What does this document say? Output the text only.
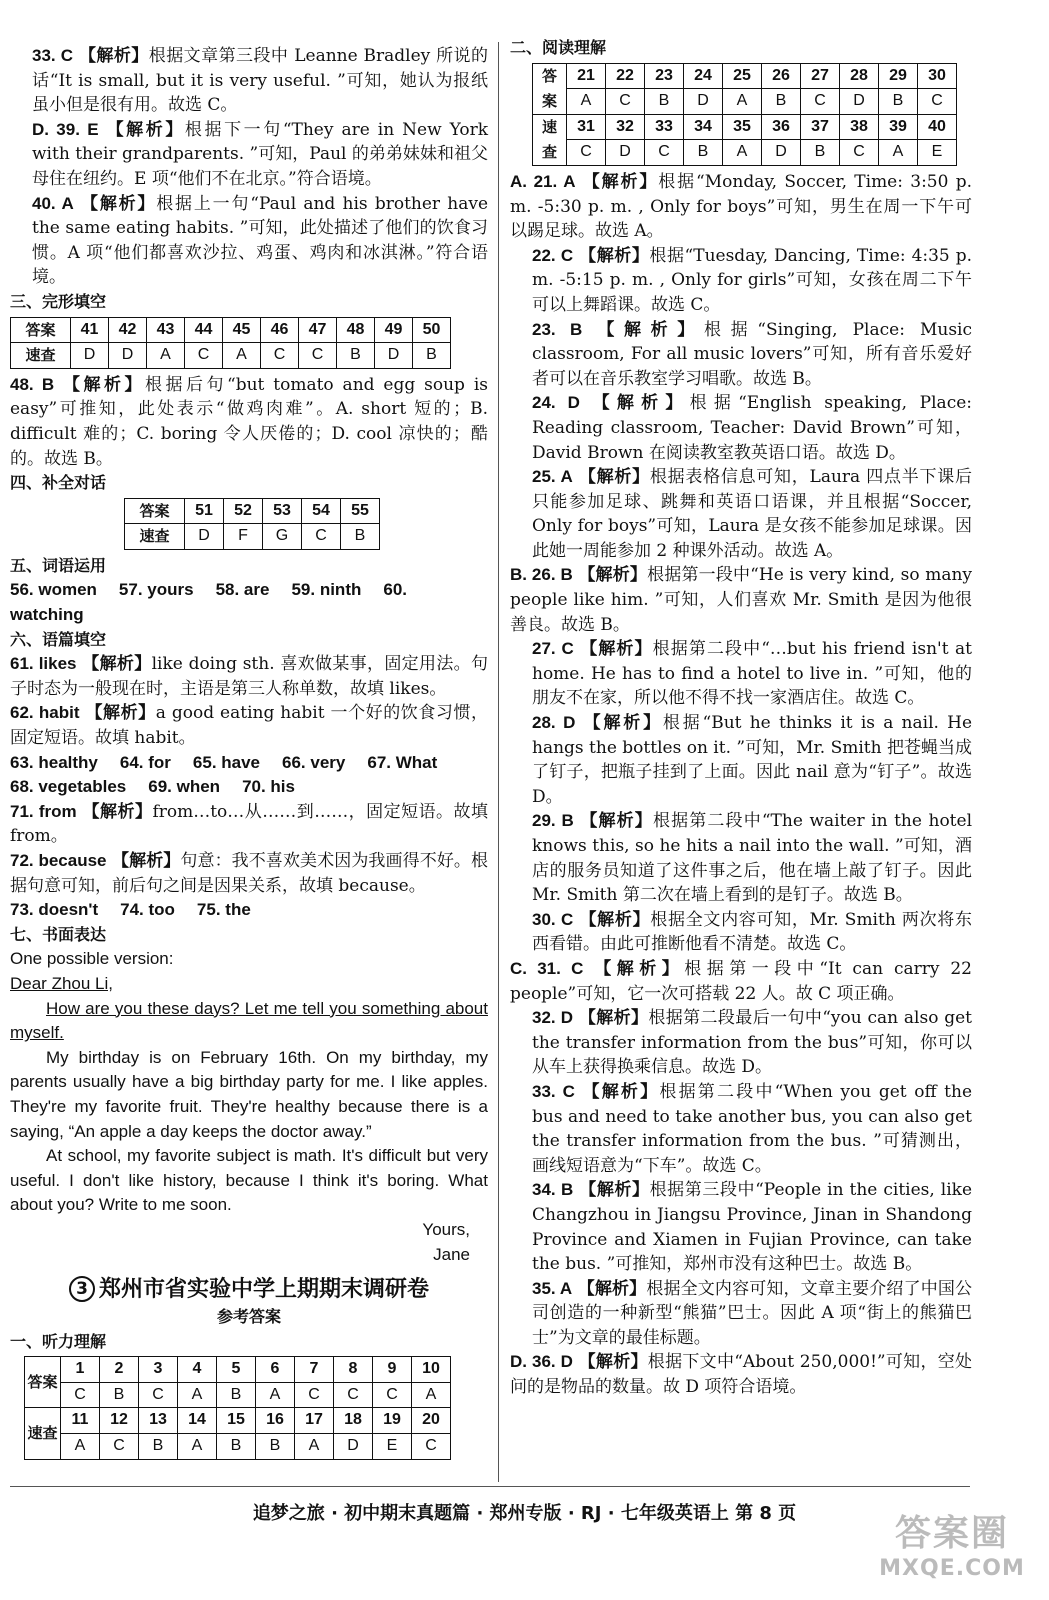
33. C 【解析】根据文章第三段中 Leanne Bradley 所说的话“It is small, but it is very useful. ”可知，她认为报纸虽小但是很有用。故选 C。
D. 39. E 【解析】根据下一句“They are in New York with their grandparents. ”可知，Paul 的弟弟妹妹和祖父母住在纽约。E 项“他们不在北京。”符合语境。
40. A 【解析】根据上一句“Paul and his brother have the same eating habits. ”可知，此处描述了他们的饮食习惯。A 项“他们都喜欢沙拉、鸡蛋、鸡肉和冰淇淋。”符合语境。
三、完形填空
答案	41	42	43	44	45	46	47	48	49	50
速查	D	D	A	C	A	C	C	B	D	B
48. B 【解析】根据后句“but tomato and egg soup is easy”可推知，此处表示“做鸡肉难”。A. short 短的；B. difficult 难的；C. boring 令人厌倦的；D. cool 凉快的；酷的。故选 B。
四、补全对话
答案	51	52	53	54	55
速查	D	F	G	C	B
五、词语运用
56. women 57. yours 58. are 59. ninth 60. watching
六、语篇填空
61. likes 【解析】like doing sth. 喜欢做某事，固定用法。句子时态为一般现在时，主语是第三人称单数，故填 likes。
62. habit 【解析】a good eating habit 一个好的饮食习惯，固定短语。故填 habit。
63. healthy 64. for 65. have 66. very 67. What
68. vegetables 69. when 70. his
71. from 【解析】from…to…从……到……，固定短语。故填 from。
72. because 【解析】句意：我不喜欢美术因为我画得不好。根据句意可知，前后句之间是因果关系，故填 because。
73. doesn't 74. too 75. the
七、书面表达
One possible version:
Dear Zhou Li,
How are you these days? Let me tell you something about myself.
My birthday is on February 16th. On my birthday, my parents usually have a big birthday party for me. I like apples. They're my favorite fruit. They're healthy because there is a saying, “An apple a day keeps the doctor away.”
At school, my favorite subject is math. It's difficult but very useful. I don't like history, because I think it's boring. What about you? Write to me soon.
Yours,
Jane
3 郑州市省实验中学上期期末调研卷
参考答案
一、听力理解
答案	1	2	3	4	5	6	7	8	9	10
	C	B	C	A	B	A	C	C	C	A
速查	11	12	13	14	15	16	17	18	19	20
	A	C	B	A	B	B	A	D	E	C
二、阅读理解
答案	21	22	23	24	25	26	27	28	29	30
	A	C	B	D	A	B	C	D	B	C
速查	31	32	33	34	35	36	37	38	39	40
	C	D	C	B	A	D	B	C	A	E
A. 21. A 【解析】根据“Monday, Soccer, Time: 3:50 p. m. -5:30 p. m. , Only for boys”可知，男生在周一下午可以踢足球。故选 A。
22. C 【解析】根据“Tuesday, Dancing, Time: 4:35 p. m. -5:15 p. m. , Only for girls”可知，女孩在周二下午可以上舞蹈课。故选 C。
23. B 【解析】根据“Singing, Place: Music classroom, For all music lovers”可知，所有音乐爱好者可以在音乐教室学习唱歌。故选 B。
24. D 【解析】根据“English speaking, Place: Reading classroom, Teacher: David Brown”可知，David Brown 在阅读教室教英语口语。故选 D。
25. A 【解析】根据表格信息可知，Laura 四点半下课后只能参加足球、跳舞和英语口语课，并且根据“Soccer, Only for boys”可知，Laura 是女孩不能参加足球课。因此她一周能参加 2 种课外活动。故选 A。
B. 26. B 【解析】根据第一段中“He is very kind, so many people like him. ”可知，人们喜欢 Mr. Smith 是因为他很善良。故选 B。
27. C 【解析】根据第二段中“…but his friend isn't at home. He has to find a hotel to live in. ”可知，他的朋友不在家，所以他不得不找一家酒店住。故选 C。
28. D 【解析】根据“But he thinks it is a nail. He hangs the bottles on it. ”可知，Mr. Smith 把苍蝇当成了钉子，把瓶子挂到了上面。因此 nail 意为“钉子”。故选 D。
29. B 【解析】根据第二段中“The waiter in the hotel knows this, so he hits a nail into the wall. ”可知，酒店的服务员知道了这件事之后，他在墙上敲了钉子。因此 Mr. Smith 第二次在墙上看到的是钉子。故选 B。
30. C 【解析】根据全文内容可知，Mr. Smith 两次将东西看错。由此可推断他看不清楚。故选 C。
C. 31. C 【解析】根据第一段中“It can carry 22 people”可知，它一次可搭载 22 人。故 C 项正确。
32. D 【解析】根据第二段最后一句中“you can also get the transfer information from the bus”可知，你可以从车上获得换乘信息。故选 D。
33. C 【解析】根据第二段中“When you get off the bus and need to take another bus, you can also get the transfer information from the bus. ”可猜测出，画线短语意为“下车”。故选 C。
34. B 【解析】根据第三段中“People in the cities, like Changzhou in Jiangsu Province, Jinan in Shandong Province and Xiamen in Fujian Province, can take the bus. ”可推知，郑州市没有这种巴士。故选 B。
35. A 【解析】根据全文内容可知，文章主要介绍了中国公司创造的一种新型“熊猫”巴士。因此 A 项“街上的熊猫巴士”为文章的最佳标题。
D. 36. D 【解析】根据下文中“About 250,000!”可知，空处问的是物品的数量。故 D 项符合语境。
追梦之旅 · 初中期末真题篇 · 郑州专版 · RJ · 七年级英语上 第 8 页	答案圈
MXQE.COM
